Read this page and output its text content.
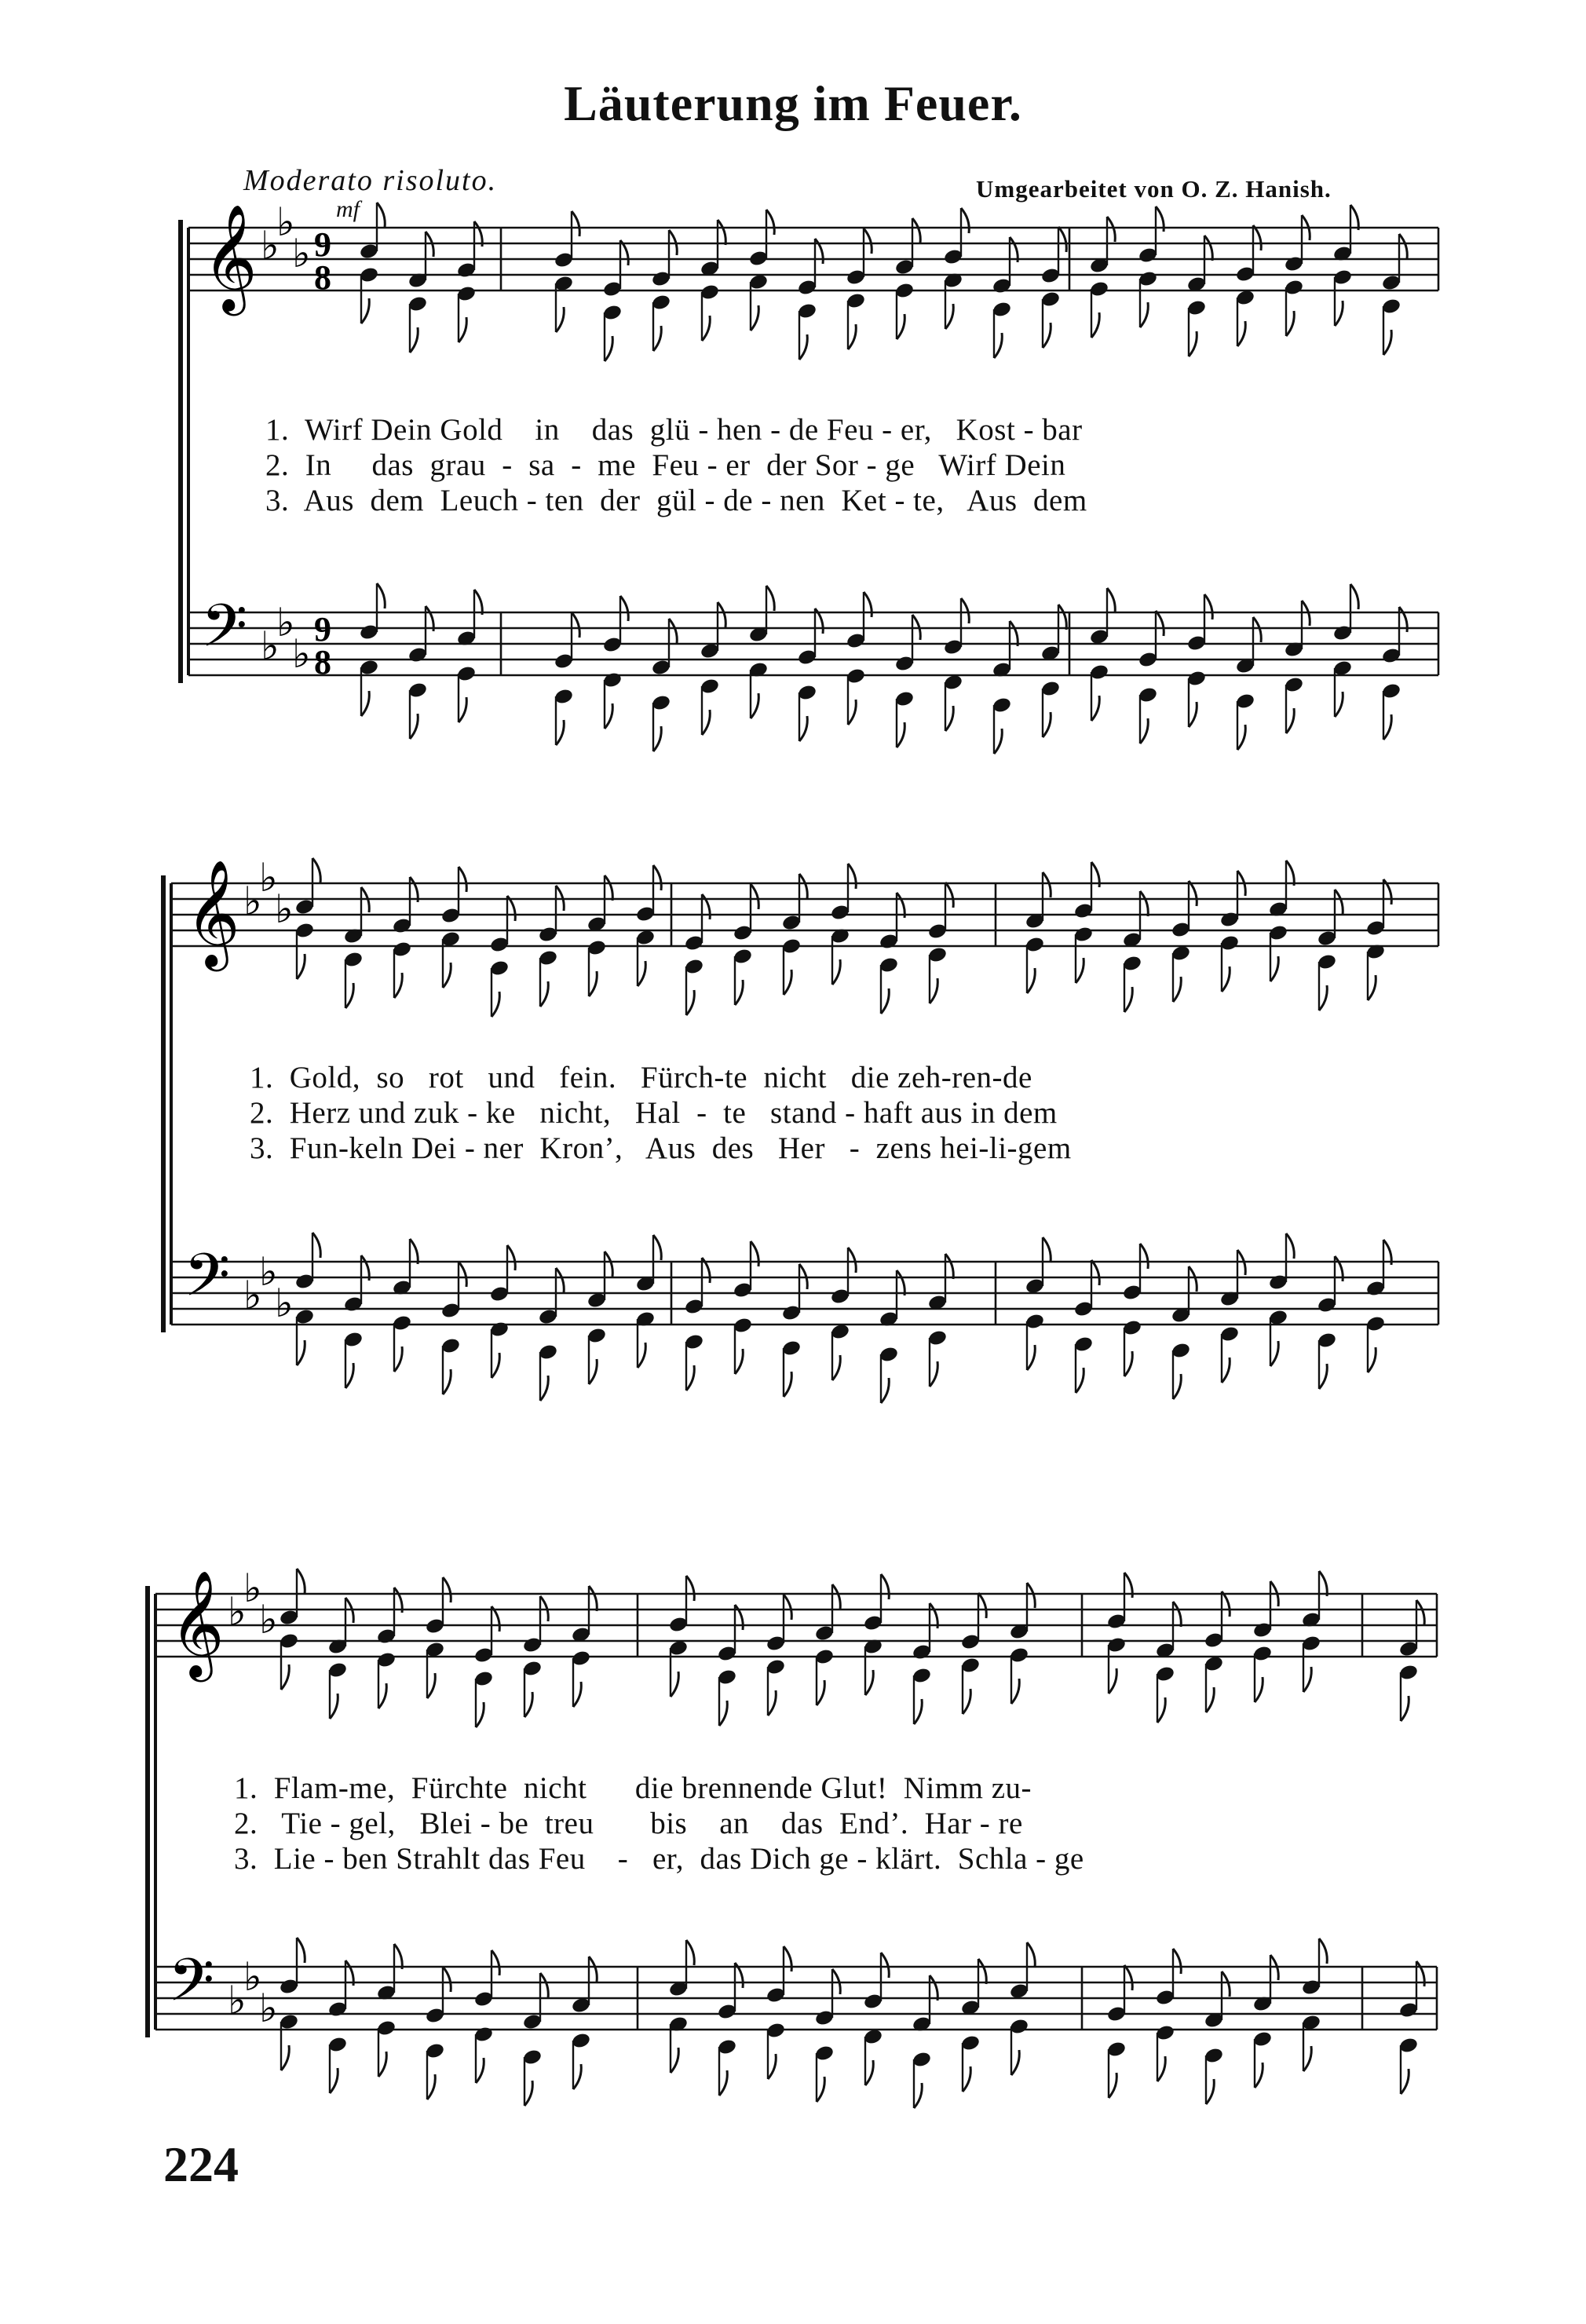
Läuterung im Feuer.
Moderato risoluto.
mf
Umgearbeitet von O. Z. Hanish.
𝄞
𝄢
♭
♭
♭
♭
♭
♭
9
8
9
8
𝄞
𝄢
♭
♭
♭
♭
♭
♭
𝄞
𝄢
♭
♭
♭
♭
♭
♭
1.  Wirf Dein Gold    in    das  glü - hen - de Feu - er,   Kost - bar
2.  In     das  grau  -  sa  -  me  Feu - er  der Sor - ge   Wirf Dein
3.  Aus  dem  Leuch - ten  der  gül - de - nen  Ket - te,   Aus  dem
1.  Gold,  so   rot   und   fein.   Fürch-te  nicht   die zeh-ren-de
2.  Herz und zuk - ke   nicht,   Hal  -  te   stand - haft aus in dem
3.  Fun-keln Dei - ner  Kron’,   Aus  des   Her   -  zens hei-li-gem
1.  Flam-me,  Fürchte  nicht      die brennende Glut!  Nimm zu-
2.   Tie - gel,   Blei - be  treu       bis    an    das  End’.  Har - re
3.  Lie - ben Strahlt das Feu    -   er,  das Dich ge - klärt.  Schla - ge
224
